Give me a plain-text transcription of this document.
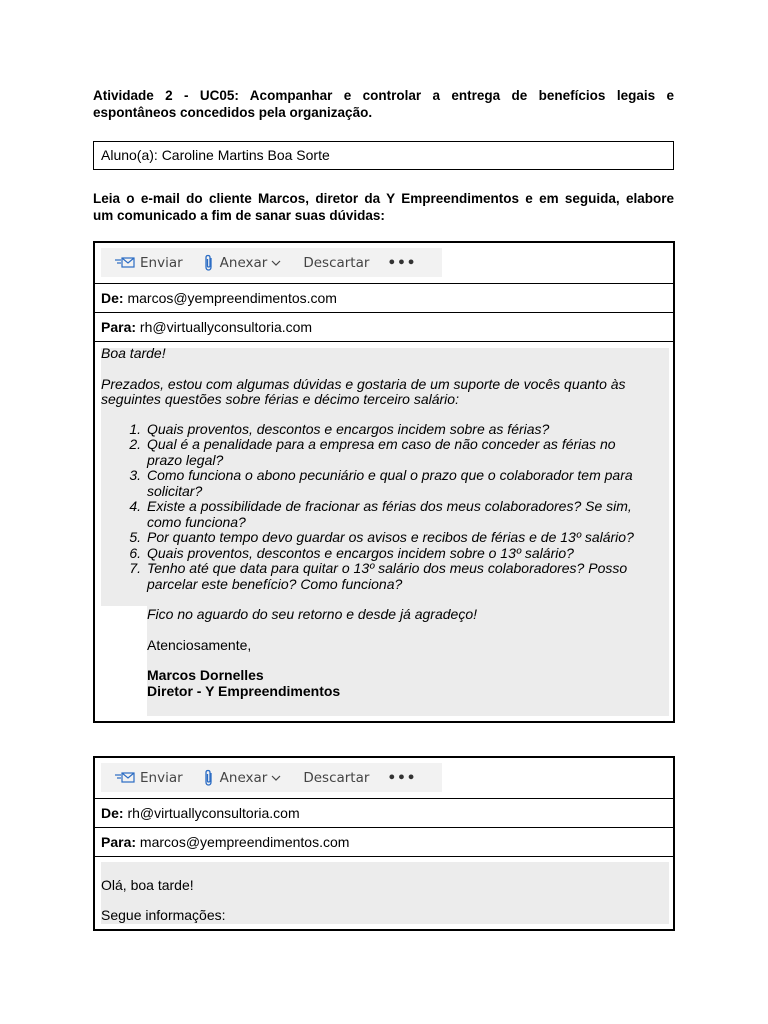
Atividade 2 - UC05: Acompanhar e controlar a entrega de benefícios legais e
espontâneos concedidos pela organização.
Aluno(a): Caroline Martins Boa Sorte
Leia o e-mail do cliente Marcos, diretor da Y Empreendimentos e em seguida, elabore
um comunicado a fim de sanar suas dúvidas:
Enviar	Anexar	Descartar •••
De: marcos@yempreendimentos.com
Para: rh@virtuallyconsultoria.com

Boa tarde!

Prezados, estou com algumas dúvidas e gostaria de um suporte de vocês quanto às seguintes questões sobre férias e décimo terceiro salário:

1. Quais proventos, descontos e encargos incidem sobre as férias?
2. Qual é a penalidade para a empresa em caso de não conceder as férias no prazo legal?
3. Como funciona o abono pecuniário e qual o prazo que o colaborador tem para solicitar?
4. Existe a possibilidade de fracionar as férias dos meus colaboradores? Se sim, como funciona?
5. Por quanto tempo devo guardar os avisos e recibos de férias e de 13º salário?
6. Quais proventos, descontos e encargos incidem sobre o 13º salário?
7. Tenho até que data para quitar o 13º salário dos meus colaboradores? Posso parcelar este benefício? Como funciona?

Fico no aguardo do seu retorno e desde já agradeço!

Atenciosamente,

Marcos Dornelles

Diretor - Y Empreendimentos

Enviar	Anexar	Descartar •••
De: rh@virtuallyconsultoria.com
Para: marcos@yempreendimentos.com

Olá, boa tarde!

Segue informações:
